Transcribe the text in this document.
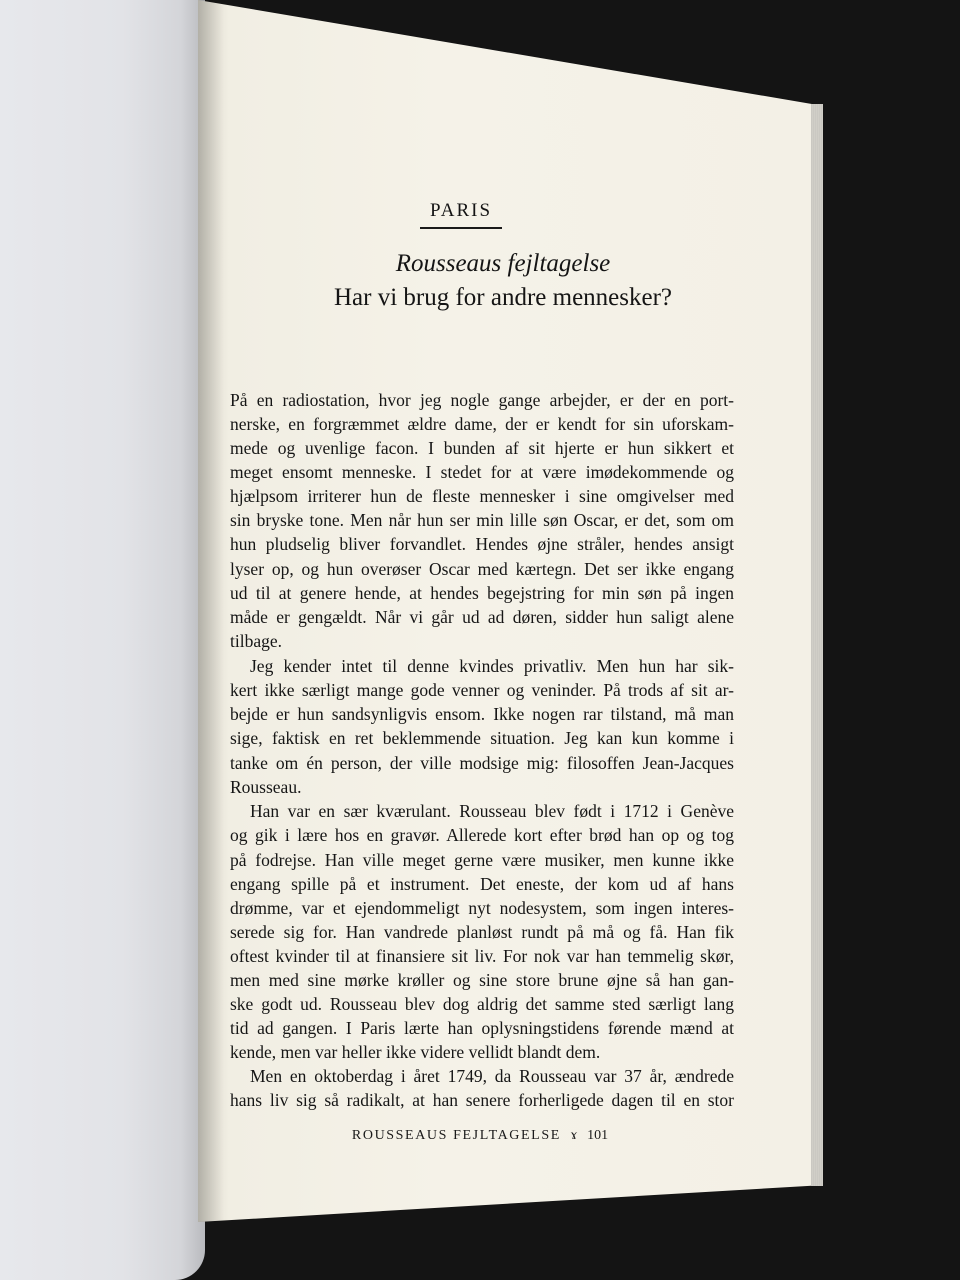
PARIS
Rousseaus fejltagelse
Har vi brug for andre mennesker?
På en radiostation, hvor jeg nogle gange arbejder, er der en port-
nerske, en forgræmmet ældre dame, der er kendt for sin uforskam-
mede og uvenlige facon. I bunden af sit hjerte er hun sikkert et
meget ensomt menneske. I stedet for at være imødekommende og
hjælpsom irriterer hun de fleste mennesker i sine omgivelser med
sin bryske tone. Men når hun ser min lille søn Oscar, er det, som om
hun pludselig bliver forvandlet. Hendes øjne stråler, hendes ansigt
lyser op, og hun overøser Oscar med kærtegn. Det ser ikke engang
ud til at genere hende, at hendes begejstring for min søn på ingen
måde er gengældt. Når vi går ud ad døren, sidder hun saligt alene
tilbage.
Jeg kender intet til denne kvindes privatliv. Men hun har sik-
kert ikke særligt mange gode venner og veninder. På trods af sit ar-
bejde er hun sandsynligvis ensom. Ikke nogen rar tilstand, må man
sige, faktisk en ret beklemmende situation. Jeg kan kun komme i
tanke om én person, der ville modsige mig: filosoffen Jean-Jacques
Rousseau.
Han var en sær kværulant. Rousseau blev født i 1712 i Genève
og gik i lære hos en gravør. Allerede kort efter brød han op og tog
på fodrejse. Han ville meget gerne være musiker, men kunne ikke
engang spille på et instrument. Det eneste, der kom ud af hans
drømme, var et ejendommeligt nyt nodesystem, som ingen interes-
serede sig for. Han vandrede planløst rundt på må og få. Han fik
oftest kvinder til at finansiere sit liv. For nok var han temmelig skør,
men med sine mørke krøller og sine store brune øjne så han gan-
ske godt ud. Rousseau blev dog aldrig det samme sted særligt lang
tid ad gangen. I Paris lærte han oplysningstidens førende mænd at
kende, men var heller ikke videre vellidt blandt dem.
Men en oktoberdag i året 1749, da Rousseau var 37 år, ændrede
hans liv sig så radikalt, at han senere forherligede dagen til en stor
ROUSSEAUS FEJLTAGELSE ɤ 101
